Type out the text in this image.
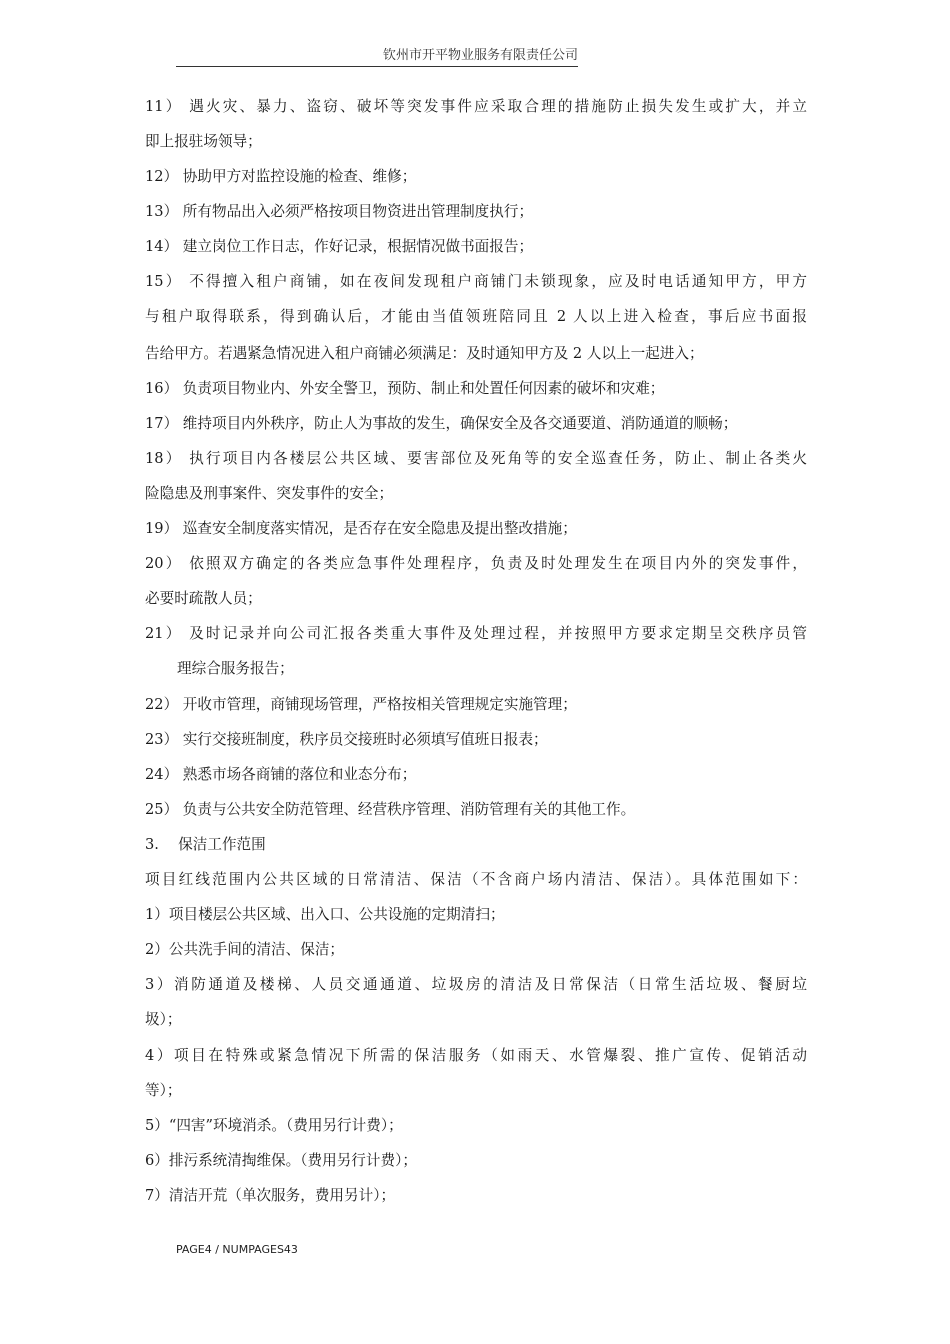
钦州市开平物业服务有限责任公司
11） 遇火灾、暴力、盗窃、破坏等突发事件应采取合理的措施防止损失发生或扩大，并立
即上报驻场领导；
12） 协助甲方对监控设施的检查、维修；
13） 所有物品出入必须严格按项目物资进出管理制度执行；
14） 建立岗位工作日志，作好记录，根据情况做书面报告；
15） 不得擅入租户商铺，如在夜间发现租户商铺门未锁现象，应及时电话通知甲方，甲方
与租户取得联系，得到确认后，才能由当值领班陪同且 2 人以上进入检查，事后应书面报
告给甲方。若遇紧急情况进入租户商铺必须满足：及时通知甲方及 2 人以上一起进入；
16） 负责项目物业内、外安全警卫，预防、制止和处置任何因素的破坏和灾难；
17） 维持项目内外秩序，防止人为事故的发生，确保安全及各交通要道、消防通道的顺畅；
18） 执行项目内各楼层公共区域、要害部位及死角等的安全巡查任务，防止、制止各类火
险隐患及刑事案件、突发事件的安全；
19） 巡查安全制度落实情况，是否存在安全隐患及提出整改措施；
20） 依照双方确定的各类应急事件处理程序，负责及时处理发生在项目内外的突发事件，
必要时疏散人员；
21） 及时记录并向公司汇报各类重大事件及处理过程，并按照甲方要求定期呈交秩序员管
理综合服务报告；
22） 开收市管理，商铺现场管理，严格按相关管理规定实施管理；
23） 实行交接班制度，秩序员交接班时必须填写值班日报表；
24） 熟悉市场各商铺的落位和业态分布；
25） 负责与公共安全防范管理、经营秩序管理、消防管理有关的其他工作。
3.　 保洁工作范围
项目红线范围内公共区域的日常清洁、保洁（不含商户场内清洁、保洁）。具体范围如下：
1）项目楼层公共区域、出入口、公共设施的定期清扫；
2）公共洗手间的清洁、保洁；
3）消防通道及楼梯、人员交通通道、垃圾房的清洁及日常保洁（日常生活垃圾、餐厨垃
圾）；
4）项目在特殊或紧急情况下所需的保洁服务（如雨天、水管爆裂、推广宣传、促销活动
等）；
5）“四害”环境消杀。（费用另行计费）；
6）排污系统清掏维保。（费用另行计费）；
7）清洁开荒（单次服务，费用另计）；
PAGE4 / NUMPAGES43
